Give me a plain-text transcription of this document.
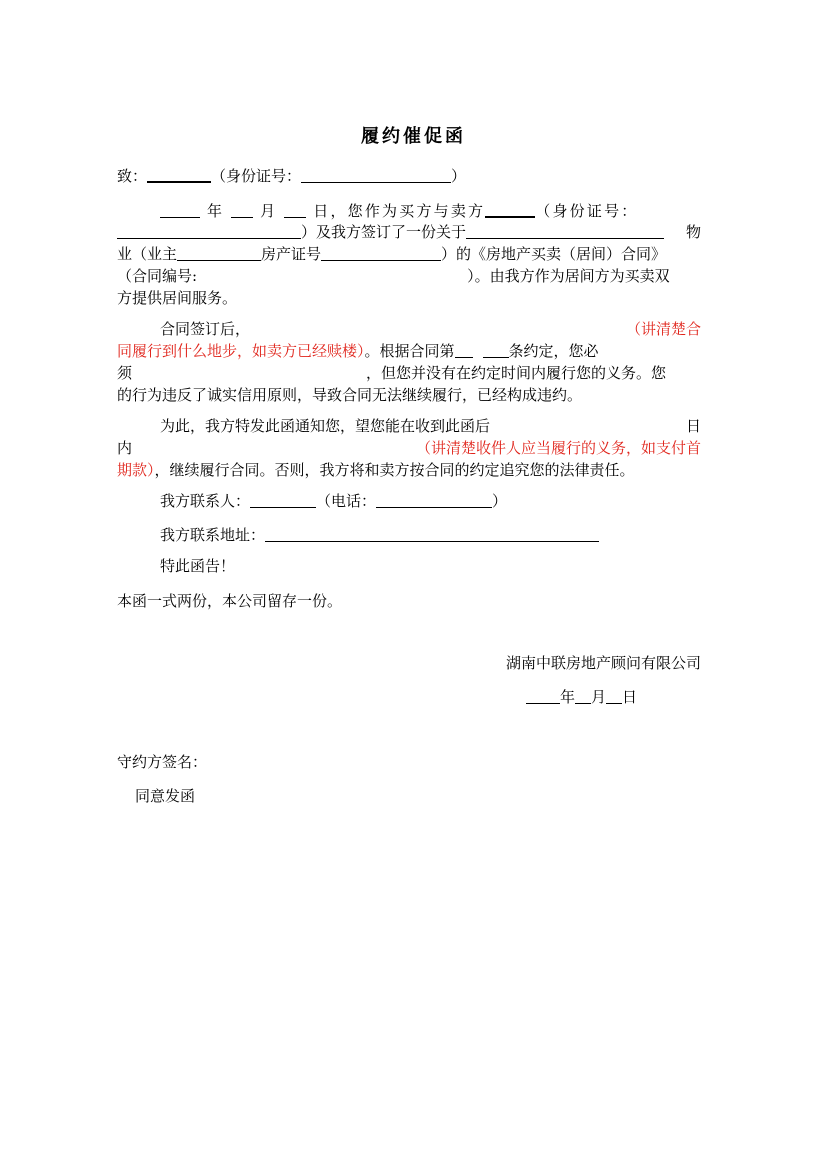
履约催促函
致：	（身份证号：	）
年 月 日，您作为买方与卖方	（身份证号：
）及我方签订了一份关于	物
业（业主	房产证号	）的《房地产买卖（居间）合同》
（合同编号:	）。由我方作为居间方为买卖双
方提供居间服务。
合同签订后，	（讲清楚合
同履行到什么地步，如卖方已经赎楼）。根据合同第	条约定，您必
须	，但您并没有在约定时间内履行您的义务。您
的行为违反了诚实信用原则，导致合同无法继续履行，已经构成违约。
为此，我方特发此函通知您，望您能在收到此函后	日
内	（讲清楚收件人应当履行的义务，如支付首
期款），继续履行合同。否则，我方将和卖方按合同的约定追究您的法律责任。
我方联系人：	（电话：	）
我方联系地址：
特此函告！
本函一式两份，本公司留存一份。
湖南中联房地产顾问有限公司
年 月 日
守约方签名：
同意发函
